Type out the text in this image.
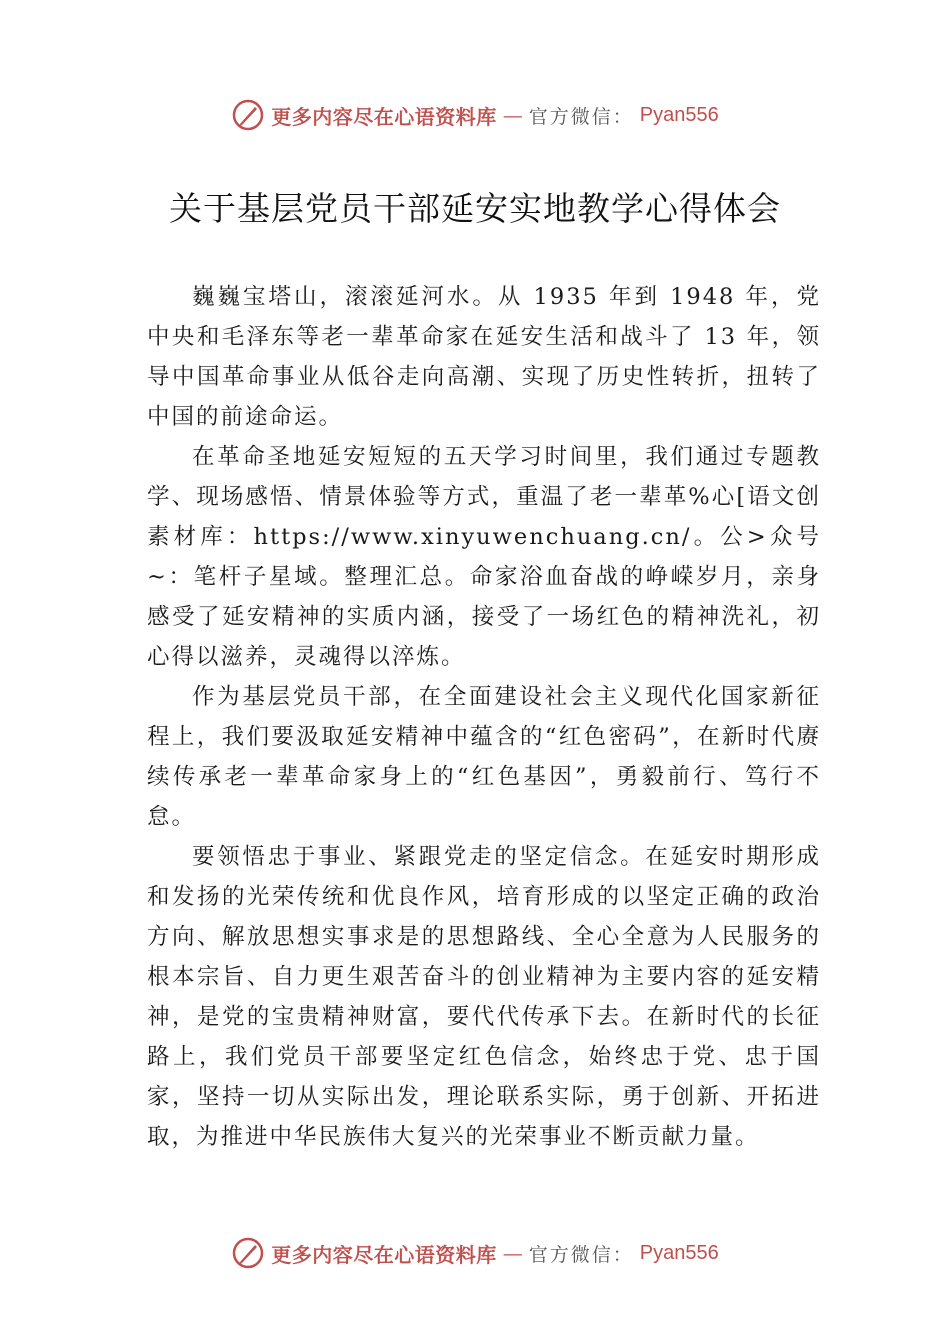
更多内容尽在心语资料库 — 官方微信： Pyan556
关于基层党员干部延安实地教学心得体会

巍巍宝塔山，滚滚延河水。从 1935 年到 1948 年，党中央和毛泽东等老一辈革命家在延安生活和战斗了 13 年，领导中国革命事业从低谷走向高潮、实现了历史性转折，扭转了中国的前途命运。

在革命圣地延安短短的五天学习时间里，我们通过专题教学、现场感悟、情景体验等方式，重温了老一辈革%心[语文创素材库：https://www.xinyuwenchuang.cn/。公>众号~：笔杆子星域。整理汇总。命家浴血奋战的峥嵘岁月，亲身感受了延安精神的实质内涵，接受了一场红色的精神洗礼，初心得以滋养，灵魂得以淬炼。

作为基层党员干部，在全面建设社会主义现代化国家新征程上，我们要汲取延安精神中蕴含的“红色密码”，在新时代赓续传承老一辈革命家身上的“红色基因”，勇毅前行、笃行不怠。

要领悟忠于事业、紧跟党走的坚定信念。在延安时期形成和发扬的光荣传统和优良作风，培育形成的以坚定正确的政治方向、解放思想实事求是的思想路线、全心全意为人民服务的根本宗旨、自力更生艰苦奋斗的创业精神为主要内容的延安精神，是党的宝贵精神财富，要代代传承下去。在新时代的长征路上，我们党员干部要坚定红色信念，始终忠于党、忠于国家，坚持一切从实际出发，理论联系实际，勇于创新、开拓进取，为推进中华民族伟大复兴的光荣事业不断贡献力量。

更多内容尽在心语资料库 — 官方微信： Pyan556
